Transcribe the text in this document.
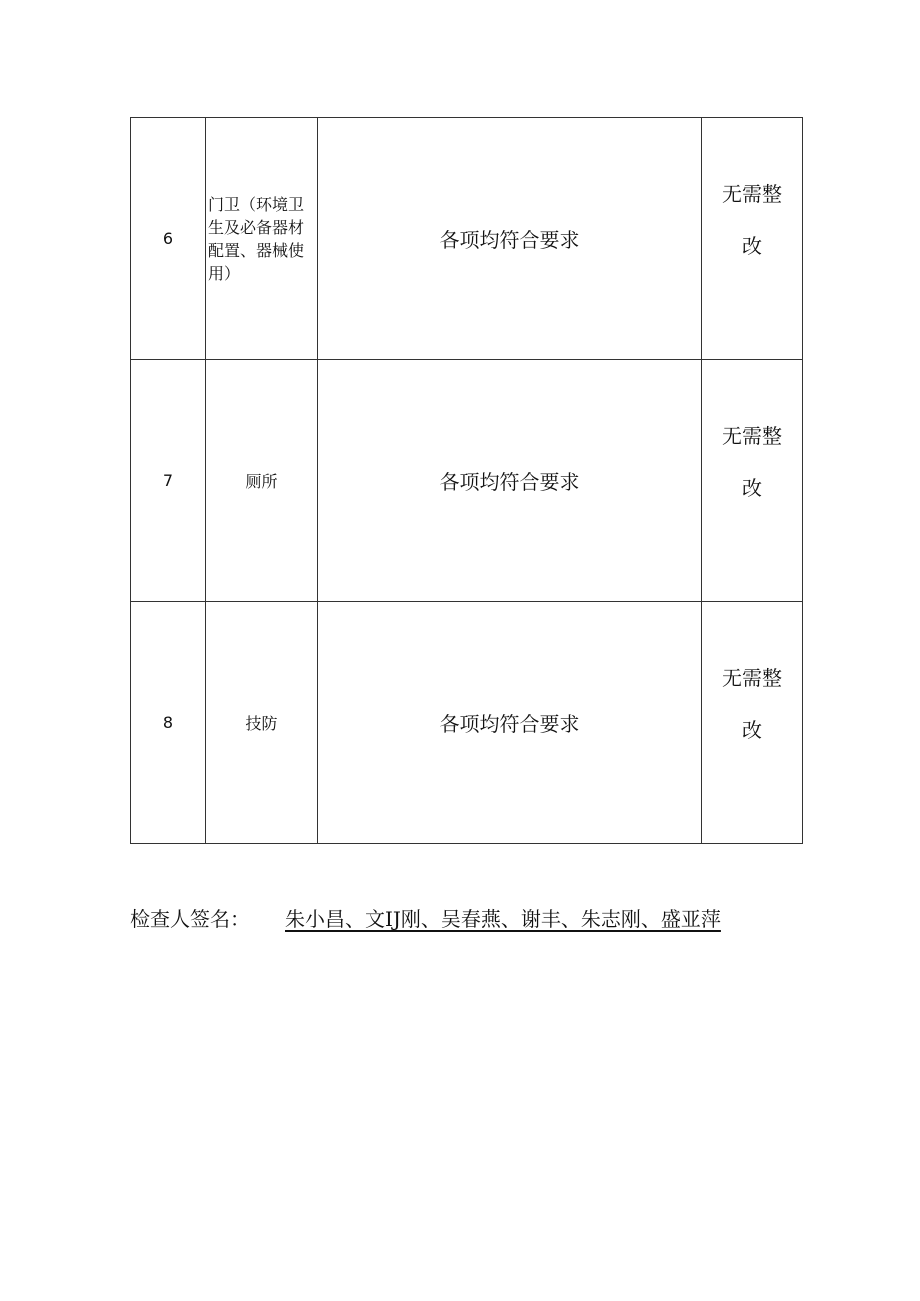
6	门卫（环境卫生及必备器材配置、器械使用）	各项均符合要求	无需整改
7	厕所	各项均符合要求	无需整改
8	技防	各项均符合要求	无需整改
检查人签名： 朱小昌、文IJ刚、吴春燕、谢丰、朱志刚、盛亚萍
